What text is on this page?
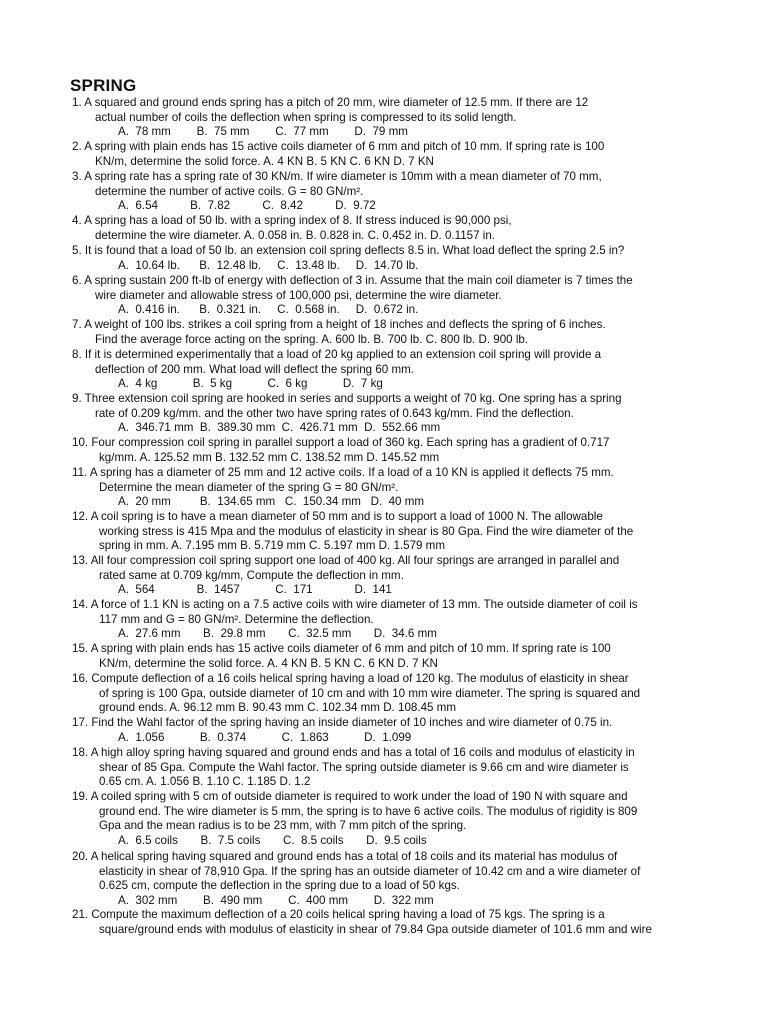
SPRING
1. A squared and ground ends spring has a pitch of 20 mm, wire diameter of 12.5 mm. If there are 12
actual number of coils the deflection when spring is compressed to its solid length.
A.  78 mm        B.  75 mm        C.  77 mm        D.  79 mm
2. A spring with plain ends has 15 active coils diameter of 6 mm and pitch of 10 mm. If spring rate is 100
KN/m, determine the solid force. A. 4 KN B. 5 KN C. 6 KN D. 7 KN
3. A spring rate has a spring rate of 30 KN/m. If wire diameter is 10mm with a mean diameter of 70 mm,
determine the number of active coils. G = 80 GN/m².
A.  6.54          B.  7.82          C.  8.42          D.  9.72
4. A spring has a load of 50 lb. with a spring index of 8. If stress induced is 90,000 psi,
determine the wire diameter. A. 0.058 in. B. 0.828 in. C. 0.452 in. D. 0.1157 in.
5. It is found that a load of 50 lb. an extension coil spring deflects 8.5 in. What load deflect the spring 2.5 in?
A.  10.64 lb.      B.  12.48 lb.     C.  13.48 lb.     D.  14.70 lb.
6. A spring sustain 200 ft-lb of energy with deflection of 3 in. Assume that the main coil diameter is 7 times the
wire diameter and allowable stress of 100,000 psi, determine the wire diameter.
A.  0.416 in.      B.  0.321 in.     C.  0.568 in.     D.  0.672 in.
7. A weight of 100 lbs. strikes a coil spring from a height of 18 inches and deflects the spring of 6 inches.
Find the average force acting on the spring. A. 600 lb. B. 700 lb. C. 800 lb. D. 900 lb.
8. If it is determined experimentally that a load of 20 kg applied to an extension coil spring will provide a
deflection of 200 mm. What load will deflect the spring 60 mm.
A.  4 kg           B.  5 kg           C.  6 kg           D.  7 kg
9. Three extension coil spring are hooked in series and supports a weight of 70 kg. One spring has a spring
rate of 0.209 kg/mm. and the other two have spring rates of 0.643 kg/mm. Find the deflection.
A.  346.71 mm  B.  389.30 mm  C.  426.71 mm  D.  552.66 mm
10. Four compression coil spring in parallel support a load of 360 kg. Each spring has a gradient of 0.717
kg/mm. A. 125.52 mm B. 132.52 mm C. 138.52 mm D. 145.52 mm
11. A spring has a diameter of 25 mm and 12 active coils. If a load of a 10 KN is applied it deflects 75 mm.
Determine the mean diameter of the spring G = 80 GN/m².
A.  20 mm         B.  134.65 mm   C.  150.34 mm   D.  40 mm
12. A coil spring is to have a mean diameter of 50 mm and is to support a load of 1000 N. The allowable
working stress is 415 Mpa and the modulus of elasticity in shear is 80 Gpa. Find the wire diameter of the
spring in mm. A. 7.195 mm B. 5.719 mm C. 5.197 mm D. 1.579 mm
13. All four compression coil spring support one load of 400 kg. All four springs are arranged in parallel and
rated same at 0.709 kg/mm, Compute the deflection in mm.
A.  564             B.  1457           C.  171             D.  141
14. A force of 1.1 KN is acting on a 7.5 active coils with wire diameter of 13 mm. The outside diameter of coil is
117 mm and G = 80 GN/m². Determine the deflection.
A.  27.6 mm       B.  29.8 mm       C.  32.5 mm       D.  34.6 mm
15. A spring with plain ends has 15 active coils diameter of 6 mm and pitch of 10 mm. If spring rate is 100
KN/m, determine the solid force. A. 4 KN B. 5 KN C. 6 KN D. 7 KN
16. Compute deflection of a 16 coils helical spring having a load of 120 kg. The modulus of elasticity in shear
of spring is 100 Gpa, outside diameter of 10 cm and with 10 mm wire diameter. The spring is squared and
ground ends. A. 96.12 mm B. 90.43 mm C. 102.34 mm D. 108.45 mm
17. Find the Wahl factor of the spring having an inside diameter of 10 inches and wire diameter of 0.75 in.
A.  1.056           B.  0.374           C.  1.863           D.  1.099
18. A high alloy spring having squared and ground ends and has a total of 16 coils and modulus of elasticity in
shear of 85 Gpa. Compute the Wahl factor. The spring outside diameter is 9.66 cm and wire diameter is
0.65 cm. A. 1.056 B. 1.10 C. 1.185 D. 1.2
19. A coiled spring with 5 cm of outside diameter is required to work under the load of 190 N with square and
ground end. The wire diameter is 5 mm, the spring is to have 6 active coils. The modulus of rigidity is 809
Gpa and the mean radius is to be 23 mm, with 7 mm pitch of the spring.
A.  6.5 coils       B.  7.5 coils       C.  8.5 coils       D.  9.5 coils
20. A helical spring having squared and ground ends has a total of 18 coils and its material has modulus of
elasticity in shear of 78,910 Gpa. If the spring has an outside diameter of 10.42 cm and a wire diameter of
0.625 cm, compute the deflection in the spring due to a load of 50 kgs.
A.  302 mm        B.  490 mm        C.  400 mm        D.  322 mm
21. Compute the maximum deflection of a 20 coils helical spring having a load of 75 kgs. The spring is a
square/ground ends with modulus of elasticity in shear of 79.84 Gpa outside diameter of 101.6 mm and wire
